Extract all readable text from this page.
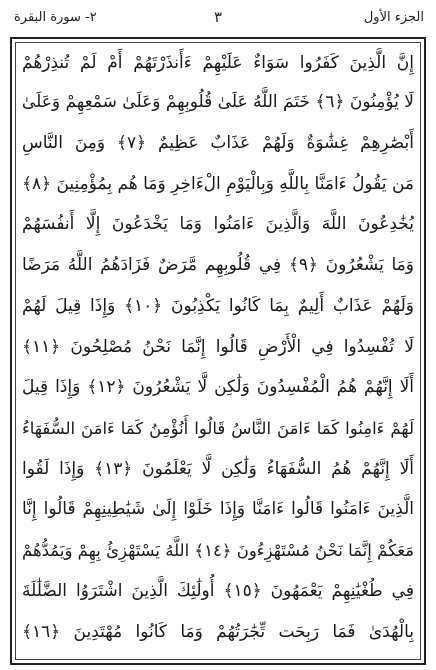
٢- سورة البقرة	٣	الجزء الأول
إِنَّ الَّذِينَ كَفَرُوا سَوَاءٌ عَلَيْهِمْ ءَأَنذَرْتَهُمْ أَمْ لَمْ تُنذِرْهُمْ
لَا يُؤْمِنُونَ ﴿٦﴾ خَتَمَ اللَّهُ عَلَىٰ قُلُوبِهِمْ وَعَلَىٰ سَمْعِهِمْ وَعَلَىٰ
أَبْصَٰرِهِمْ غِشَٰوَةٌ وَلَهُمْ عَذَابٌ عَظِيمٌ ﴿٧﴾ وَمِنَ النَّاسِ
مَن يَقُولُ ءَامَنَّا بِاللَّهِ وَبِالْيَوْمِ الْءَاخِرِ وَمَا هُم بِمُؤْمِنِينَ ﴿٨﴾
يُخَٰدِعُونَ اللَّهَ وَالَّذِينَ ءَامَنُوا وَمَا يَخْدَعُونَ إِلَّا أَنفُسَهُمْ
وَمَا يَشْعُرُونَ ﴿٩﴾ فِي قُلُوبِهِم مَّرَضٌ فَزَادَهُمُ اللَّهُ مَرَضًا
وَلَهُمْ عَذَابٌ أَلِيمٌ بِمَا كَانُوا يَكْذِبُونَ ﴿١٠﴾ وَإِذَا قِيلَ لَهُمْ
لَا تُفْسِدُوا فِي الْأَرْضِ قَالُوا إِنَّمَا نَحْنُ مُصْلِحُونَ ﴿١١﴾
أَلَا إِنَّهُمْ هُمُ الْمُفْسِدُونَ وَلَٰكِن لَّا يَشْعُرُونَ ﴿١٢﴾ وَإِذَا قِيلَ
لَهُمْ ءَامِنُوا كَمَا ءَامَنَ النَّاسُ قَالُوا أَنُؤْمِنُ كَمَا ءَامَنَ السُّفَهَاءُ
أَلَا إِنَّهُمْ هُمُ السُّفَهَاءُ وَلَٰكِن لَّا يَعْلَمُونَ ﴿١٣﴾ وَإِذَا لَقُوا
الَّذِينَ ءَامَنُوا قَالُوا ءَامَنَّا وَإِذَا خَلَوْا إِلَىٰ شَيَٰطِينِهِمْ قَالُوا إِنَّا
مَعَكُمْ إِنَّمَا نَحْنُ مُسْتَهْزِءُونَ ﴿١٤﴾ اللَّهُ يَسْتَهْزِئُ بِهِمْ وَيَمُدُّهُمْ
فِي طُغْيَٰنِهِمْ يَعْمَهُونَ ﴿١٥﴾ أُولَٰئِكَ الَّذِينَ اشْتَرَوُا الضَّلَٰلَةَ
بِالْهُدَىٰ فَمَا رَبِحَت تِّجَٰرَتُهُمْ وَمَا كَانُوا مُهْتَدِينَ ﴿١٦﴾
